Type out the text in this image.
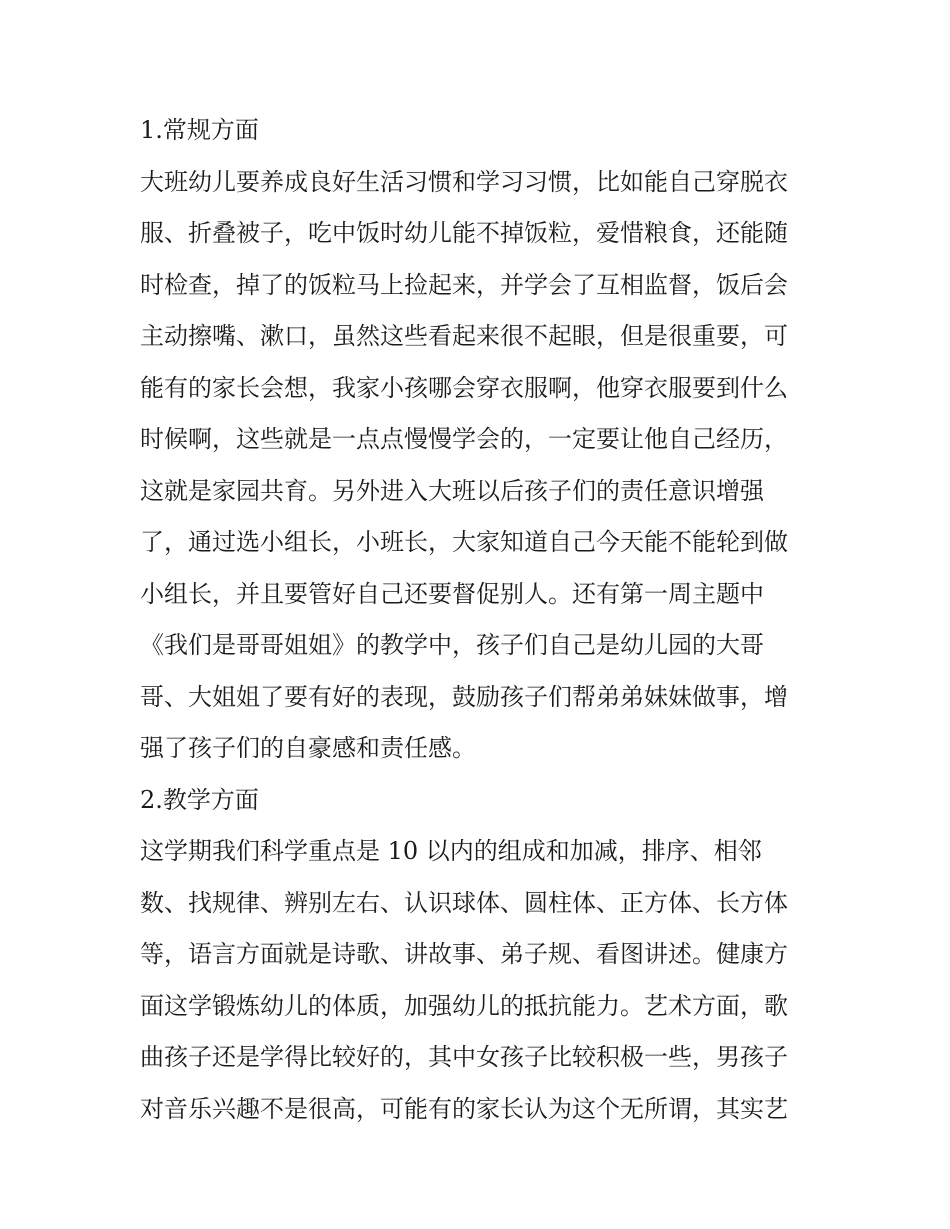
1.常规方面
大班幼儿要养成良好生活习惯和学习习惯，比如能自己穿脱衣
服、折叠被子，吃中饭时幼儿能不掉饭粒，爱惜粮食，还能随
时检查，掉了的饭粒马上捡起来，并学会了互相监督，饭后会
主动擦嘴、漱口，虽然这些看起来很不起眼，但是很重要，可
能有的家长会想，我家小孩哪会穿衣服啊，他穿衣服要到什么
时候啊，这些就是一点点慢慢学会的，一定要让他自己经历，
这就是家园共育。另外进入大班以后孩子们的责任意识增强
了，通过选小组长，小班长，大家知道自己今天能不能轮到做
小组长，并且要管好自己还要督促别人。还有第一周主题中
《我们是哥哥姐姐》的教学中，孩子们自己是幼儿园的大哥
哥、大姐姐了要有好的表现，鼓励孩子们帮弟弟妹妹做事，增
强了孩子们的自豪感和责任感。
2.教学方面
这学期我们科学重点是 10 以内的组成和加减，排序、相邻
数、找规律、辨别左右、认识球体、圆柱体、正方体、长方体
等，语言方面就是诗歌、讲故事、弟子规、看图讲述。健康方
面这学锻炼幼儿的体质，加强幼儿的抵抗能力。艺术方面，歌
曲孩子还是学得比较好的，其中女孩子比较积极一些，男孩子
对音乐兴趣不是很高，可能有的家长认为这个无所谓，其实艺
